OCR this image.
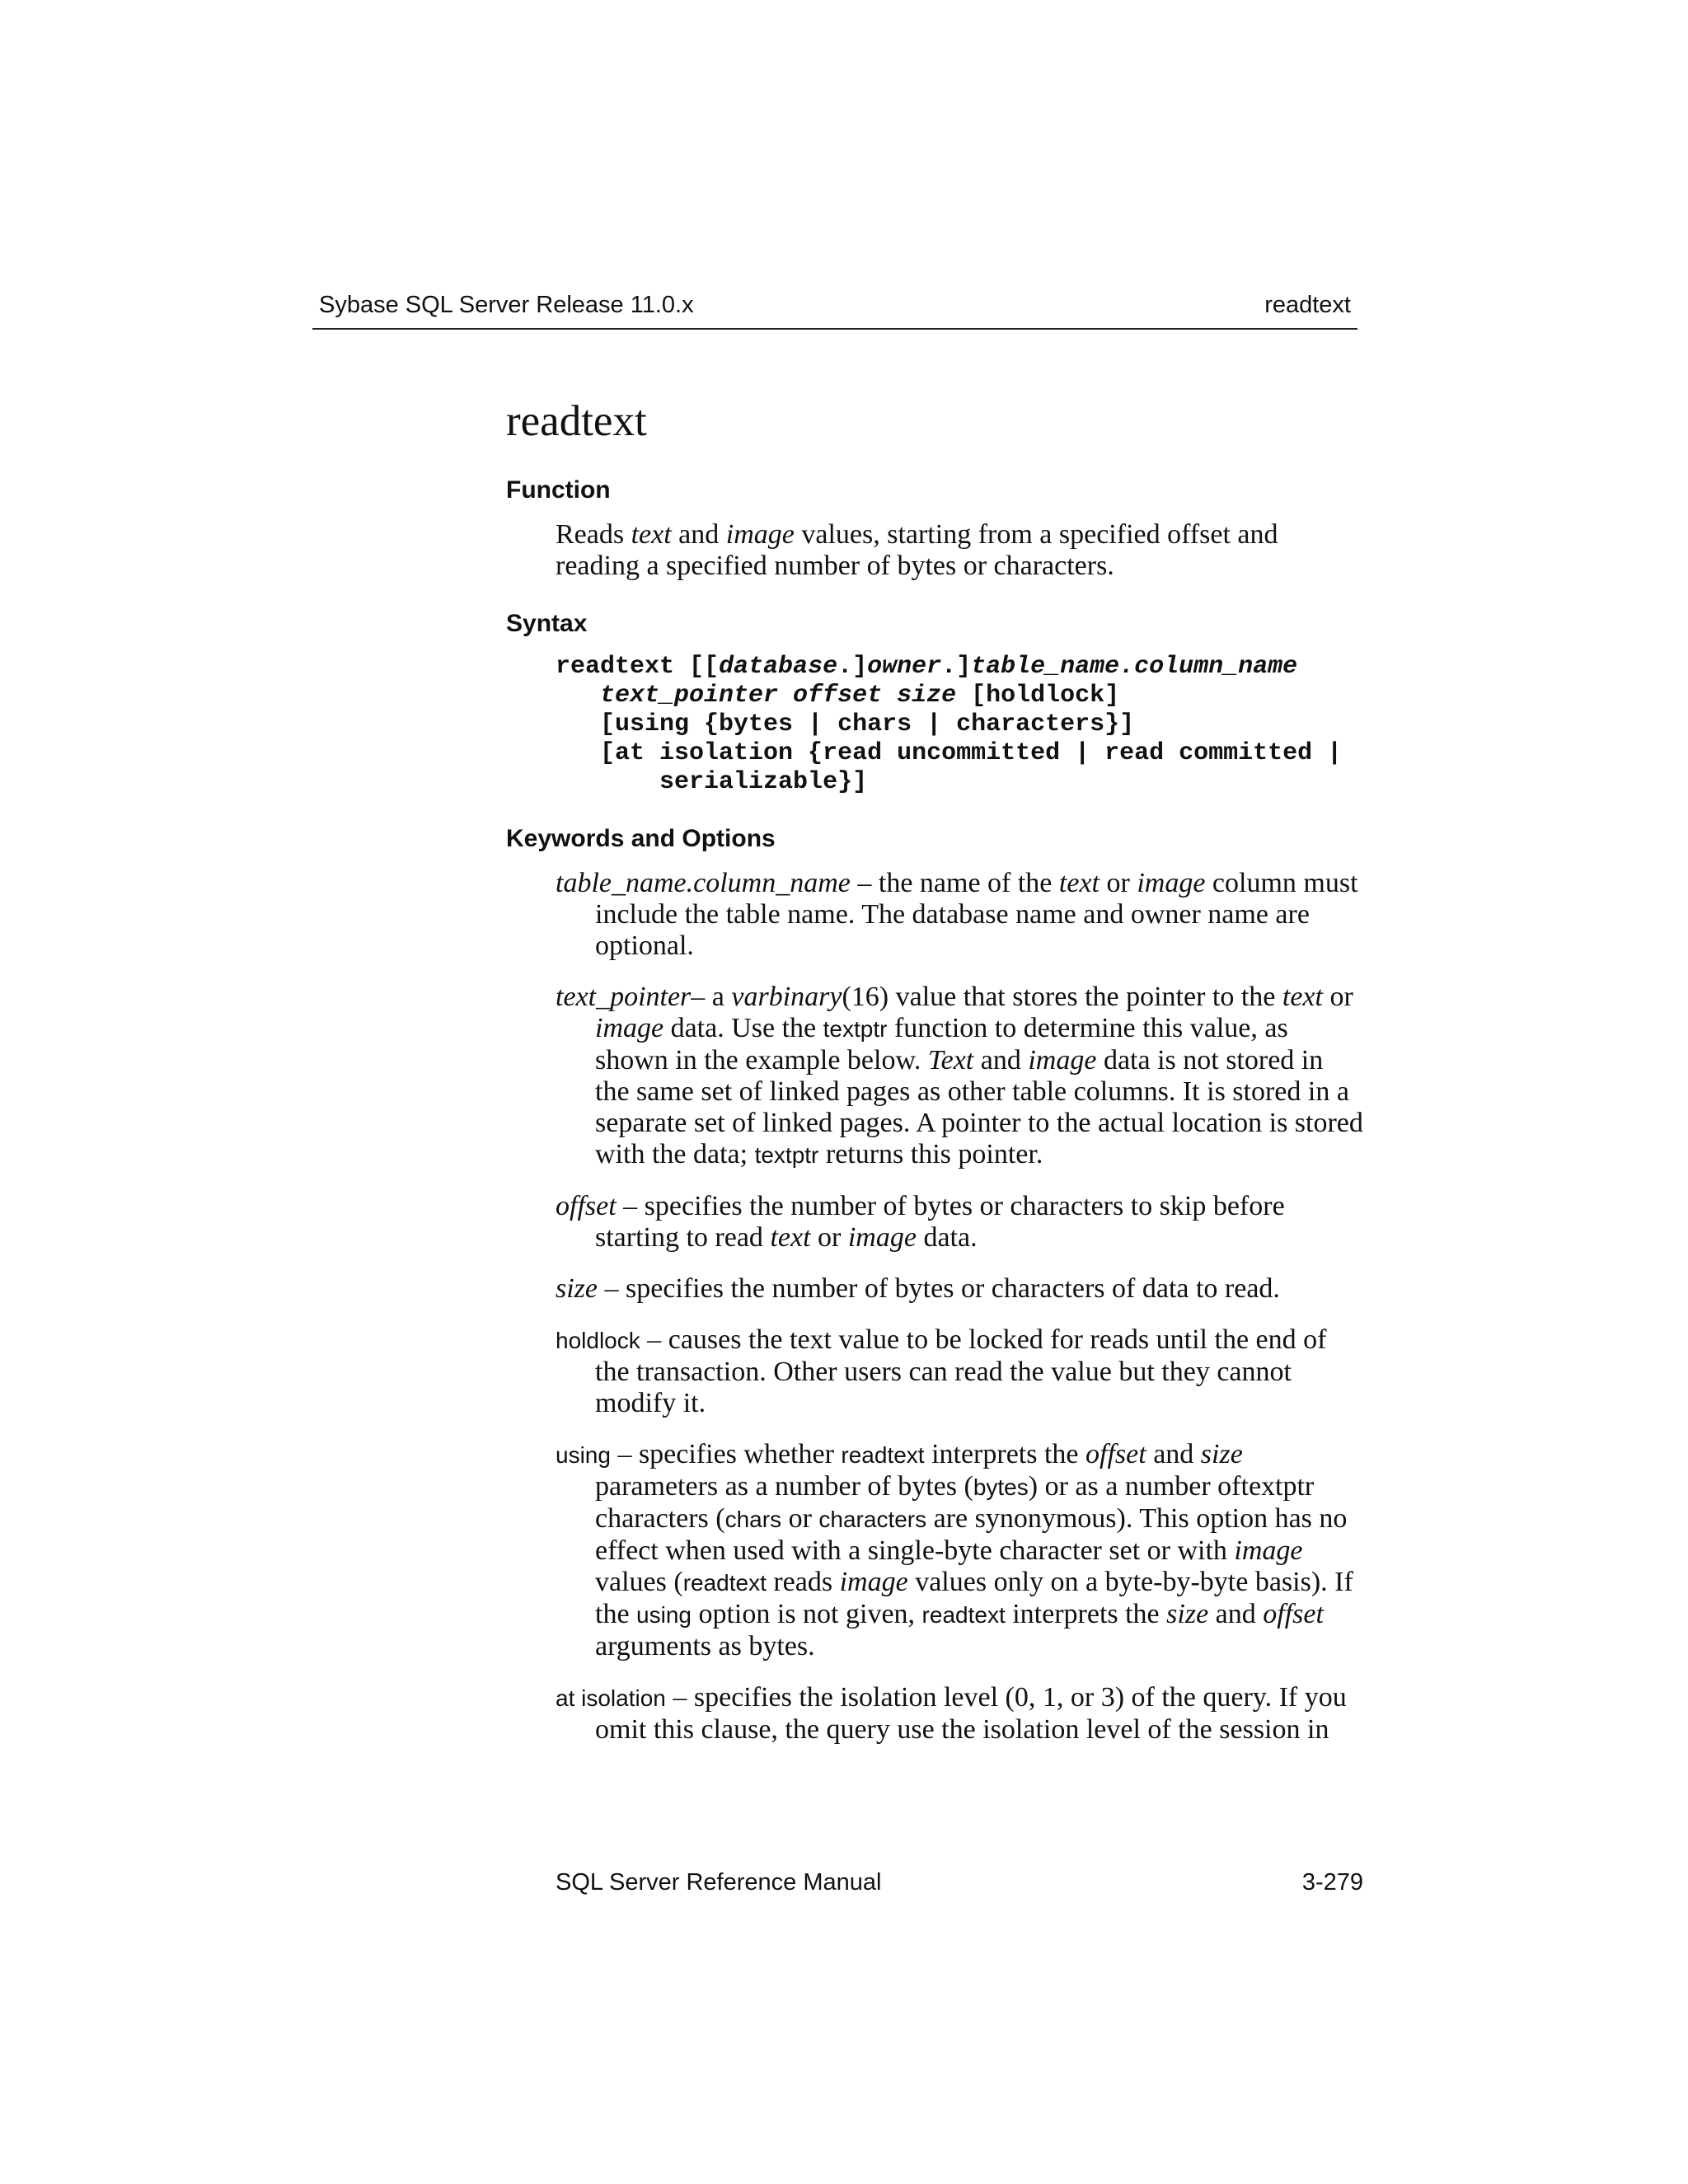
Sybase SQL Server Release 11.0.x	readtext
readtext
Function
Reads text and image values, starting from a specified offset and reading a specified number of bytes or characters.
Syntax
readtext [[database.]owner.]table_name.column_name
text_pointer offset size [holdlock]
[using {bytes | chars | characters}]
[at isolation {read uncommitted | read committed |
serializable}]
Keywords and Options
table_name.column_name – the name of the text or image column must include the table name. The database name and owner name are optional.
text_pointer– a varbinary(16) value that stores the pointer to the text or image data. Use the textptr function to determine this value, as shown in the example below. Text and image data is not stored in the same set of linked pages as other table columns. It is stored in a separate set of linked pages. A pointer to the actual location is stored with the data; textptr returns this pointer.
offset – specifies the number of bytes or characters to skip before starting to read text or image data.
size – specifies the number of bytes or characters of data to read.
holdlock – causes the text value to be locked for reads until the end of the transaction. Other users can read the value but they cannot modify it.
using – specifies whether readtext interprets the offset and size parameters as a number of bytes (bytes) or as a number oftextptr characters (chars or characters are synonymous). This option has no effect when used with a single-byte character set or with image values (readtext reads image values only on a byte-by-byte basis). If the using option is not given, readtext interprets the size and offset arguments as bytes.
at isolation – specifies the isolation level (0, 1, or 3) of the query. If you omit this clause, the query use the isolation level of the session in
SQL Server Reference Manual	3-279
